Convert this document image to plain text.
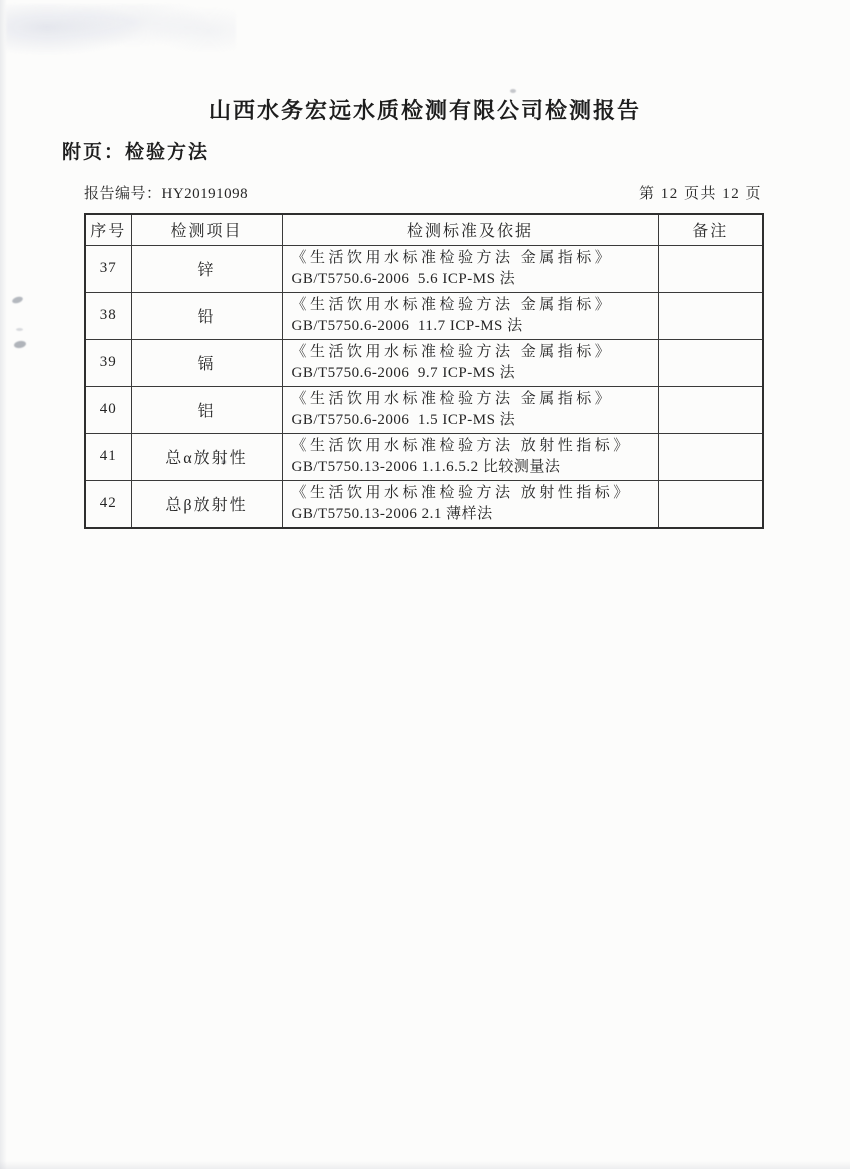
山西水务宏远水质检测有限公司检测报告
附页：检验方法
报告编号：HY20191098	第 12 页共 12 页
序号	检测项目	检测标准及依据	备注
37	锌	《生活饮用水标准检验方法 金属指标》
GB/T5750.6-2006  5.6 ICP-MS 法	

38	铅	《生活饮用水标准检验方法 金属指标》
GB/T5750.6-2006  11.7 ICP-MS 法	

39	镉	《生活饮用水标准检验方法 金属指标》
GB/T5750.6-2006  9.7 ICP-MS 法	

40	铝	《生活饮用水标准检验方法 金属指标》
GB/T5750.6-2006  1.5 ICP-MS 法	

41	总α放射性	《生活饮用水标准检验方法 放射性指标》
GB/T5750.13-2006 1.1.6.5.2 比较测量法	

42	总β放射性	《生活饮用水标准检验方法 放射性指标》
GB/T5750.13-2006 2.1 薄样法	
